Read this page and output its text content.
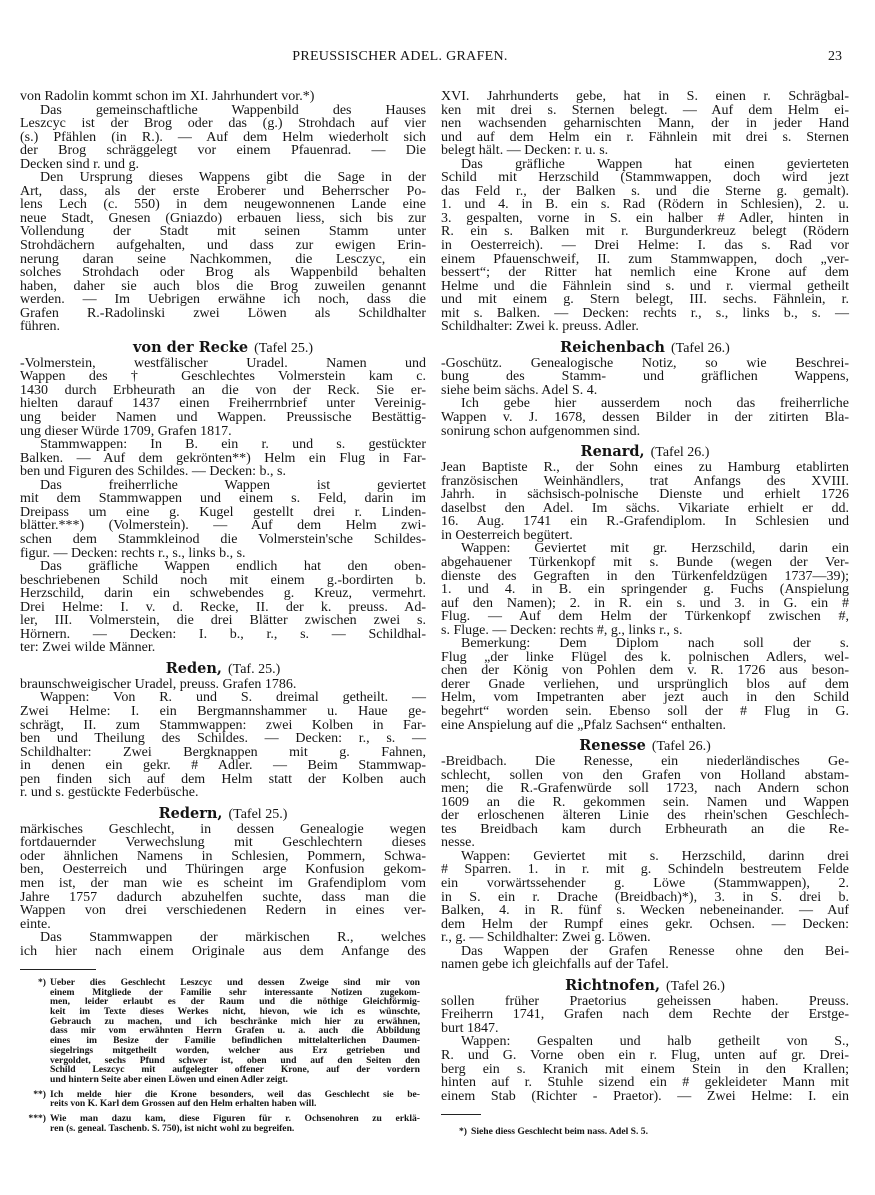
PREUSSISCHER ADEL. GRAFEN.	23
von Radolin kommt schon im XI. Jahrhundert vor.*)
Das gemeinschaftliche Wappenbild des Hauses
Leszcyc ist der Brog oder das (g.) Strohdach auf vier
(s.) Pfählen (in R.). — Auf dem Helm wiederholt sich
der Brog schräggelegt vor einem Pfauenrad. — Die
Decken sind r. und g.
Den Ursprung dieses Wappens gibt die Sage in der
Art, dass, als der erste Eroberer und Beherrscher Po-
lens Lech (c. 550) in dem neugewonnenen Lande eine
neue Stadt, Gnesen (Gniazdo) erbauen liess, sich bis zur
Vollendung der Stadt mit seinen Stamm unter
Strohdächern aufgehalten, und dass zur ewigen Erin-
nerung daran seine Nachkommen, die Lesczyc, ein
solches Strohdach oder Brog als Wappenbild behalten
haben, daher sie auch blos die Brog zuweilen genannt
werden. — Im Uebrigen erwähne ich noch, dass die
Grafen R.-Radolinski zwei Löwen als Schildhalter
führen.
von der Recke (Tafel 25.)
-Volmerstein, westfälischer Uradel. Namen und
Wappen des † Geschlechtes Volmerstein kam c.
1430 durch Erbheurath an die von der Reck. Sie er-
hielten darauf 1437 einen Freiherrnbrief unter Vereinig-
ung beider Namen und Wappen. Preussische Bestättig-
ung dieser Würde 1709, Grafen 1817.
Stammwappen: In B. ein r. und s. gestückter
Balken. — Auf dem gekrönten**) Helm ein Flug in Far-
ben und Figuren des Schildes. — Decken: b., s.
Das freiherrliche Wappen ist geviertet
mit dem Stammwappen und einem s. Feld, darin im
Dreipass um eine g. Kugel gestellt drei r. Linden-
blätter.***) (Volmerstein). — Auf dem Helm zwi-
schen dem Stammkleinod die Volmerstein'sche Schildes-
figur. — Decken: rechts r., s., links b., s.
Das gräfliche Wappen endlich hat den oben-
beschriebenen Schild noch mit einem g.-bordirten b.
Herzschild, darin ein schwebendes g. Kreuz, vermehrt.
Drei Helme: I. v. d. Recke, II. der k. preuss. Ad-
ler, III. Volmerstein, die drei Blätter zwischen zwei s.
Hörnern. — Decken: I. b., r., s. — Schildhal-
ter: Zwei wilde Männer.
Reden, (Taf. 25.)
braunschweigischer Uradel, preuss. Grafen 1786.
Wappen: Von R. und S. dreimal getheilt. —
Zwei Helme: I. ein Bergmannshammer u. Haue ge-
schrägt, II. zum Stammwappen: zwei Kolben in Far-
ben und Theilung des Schildes. — Decken: r., s. —
Schildhalter: Zwei Bergknappen mit g. Fahnen,
in denen ein gekr. # Adler. — Beim Stammwap-
pen finden sich auf dem Helm statt der Kolben auch
r. und s. gestückte Federbüsche.
Redern, (Tafel 25.)
märkisches Geschlecht, in dessen Genealogie wegen
fortdauernder Verwechslung mit Geschlechtern dieses
oder ähnlichen Namens in Schlesien, Pommern, Schwa-
ben, Oesterreich und Thüringen arge Konfusion gekom-
men ist, der man wie es scheint im Grafendiplom vom
Jahre 1757 dadurch abzuhelfen suchte, dass man die
Wappen von drei verschiedenen Redern in eines ver-
einte.
Das Stammwappen der märkischen R., welches
ich hier nach einem Originale aus dem Anfange des
XVI. Jahrhunderts gebe, hat in S. einen r. Schrägbal-
ken mit drei s. Sternen belegt. — Auf dem Helm ei-
nen wachsenden geharnischten Mann, der in jeder Hand
und auf dem Helm ein r. Fähnlein mit drei s. Sternen
belegt hält. — Decken: r. u. s.
Das gräfliche Wappen hat einen gevierteten
Schild mit Herzschild (Stammwappen, doch wird jezt
das Feld r., der Balken s. und die Sterne g. gemalt).
1. und 4. in B. ein s. Rad (Rödern in Schlesien), 2. u.
3. gespalten, vorne in S. ein halber # Adler, hinten in
R. ein s. Balken mit r. Burgunderkreuz belegt (Rödern
in Oesterreich). — Drei Helme: I. das s. Rad vor
einem Pfauenschweif, II. zum Stammwappen, doch „ver-
bessert“; der Ritter hat nemlich eine Krone auf dem
Helme und die Fähnlein sind s. und r. viermal getheilt
und mit einem g. Stern belegt, III. sechs. Fähnlein, r.
mit s. Balken. — Decken: rechts r., s., links b., s. —
Schildhalter: Zwei k. preuss. Adler.
Reichenbach (Tafel 26.)
-Goschütz. Genealogische Notiz, so wie Beschrei-
bung des Stamm- und gräflichen Wappens,
siehe beim sächs. Adel S. 4.
Ich gebe hier ausserdem noch das freiherrliche
Wappen v. J. 1678, dessen Bilder in der zitirten Bla-
sonirung schon aufgenommen sind.
Renard, (Tafel 26.)
Jean Baptiste R., der Sohn eines zu Hamburg etablirten
französischen Weinhändlers, trat Anfangs des XVIII.
Jahrh. in sächsisch-polnische Dienste und erhielt 1726
daselbst den Adel. Im sächs. Vikariate erhielt er dd.
16. Aug. 1741 ein R.-Grafendiplom. In Schlesien und
in Oesterreich begütert.
Wappen: Geviertet mit gr. Herzschild, darin ein
abgehauener Türkenkopf mit s. Bunde (wegen der Ver-
dienste des Gegraften in den Türkenfeldzügen 1737—39);
1. und 4. in B. ein springender g. Fuchs (Anspielung
auf den Namen); 2. in R. ein s. und 3. in G. ein #
Flug. — Auf dem Helm der Türkenkopf zwischen #,
s. Fluge. — Decken: rechts #, g., links r., s.
Bemerkung: Dem Diplom nach soll der s.
Flug „der linke Flügel des k. polnischen Adlers, wel-
chen der König von Pohlen dem v. R. 1726 aus beson-
derer Gnade verliehen, und ursprünglich blos auf dem
Helm, vom Impetranten aber jezt auch in den Schild
begehrt“ worden sein. Ebenso soll der # Flug in G.
eine Anspielung auf die „Pfalz Sachsen“ enthalten.
Renesse (Tafel 26.)
-Breidbach. Die Renesse, ein niederländisches Ge-
schlecht, sollen von den Grafen von Holland abstam-
men; die R.-Grafenwürde soll 1723, nach Andern schon
1609 an die R. gekommen sein. Namen und Wappen
der erloschenen älteren Linie des rhein'schen Geschlech-
tes Breidbach kam durch Erbheurath an die Re-
nesse.
Wappen: Geviertet mit s. Herzschild, darinn drei
# Sparren. 1. in r. mit g. Schindeln bestreutem Felde
ein vorwärtssehender g. Löwe (Stammwappen), 2.
in S. ein r. Drache (Breidbach)*), 3. in S. drei b.
Balken, 4. in R. fünf s. Wecken nebeneinander. — Auf
dem Helm der Rumpf eines gekr. Ochsen. — Decken:
r., g. — Schildhalter: Zwei g. Löwen.
Das Wappen der Grafen Renesse ohne den Bei-
namen gebe ich gleichfalls auf der Tafel.
Richtnofen, (Tafel 26.)
sollen früher Praetorius geheissen haben. Preuss.
Freiherrn 1741, Grafen nach dem Rechte der Erstge-
burt 1847.
Wappen: Gespalten und halb getheilt von S.,
R. und G. Vorne oben ein r. Flug, unten auf gr. Drei-
berg ein s. Kranich mit einem Stein in den Krallen;
hinten auf r. Stuhle sizend ein # gekleideter Mann mit
einem Stab (Richter - Praetor). — Zwei Helme: I. ein
*) Ueber dies Geschlecht Leszcyc und dessen Zweige sind mir von
einem Mitgliede der Familie sehr interessante Notizen zugekom-
men, leider erlaubt es der Raum und die nöthige Gleichförmig-
keit im Texte dieses Werkes nicht, hievon, wie ich es wünschte,
Gebrauch zu machen, und ich beschränke mich hier zu erwähnen,
dass mir vom erwähnten Herrn Grafen u. a. auch die Abbildung
eines im Besize der Familie befindlichen mittelalterlichen Daumen-
siegelrings mitgetheilt worden, welcher aus Erz getrieben und
vergoldet, sechs Pfund schwer ist, oben und auf den Seiten den
Schild Leszcyc mit aufgelegter offener Krone, auf der vordern
und hintern Seite aber einen Löwen und einen Adler zeigt.
**) Ich melde hier die Krone besonders, weil das Geschlecht sie be-
reits von K. Karl dem Grossen auf den Helm erhalten haben will.
***) Wie man dazu kam, diese Figuren für r. Ochsenohren zu erklä-
ren (s. geneal. Taschenb. S. 750), ist nicht wohl zu begreifen.	*) Siehe diess Geschlecht beim nass. Adel S. 5.
